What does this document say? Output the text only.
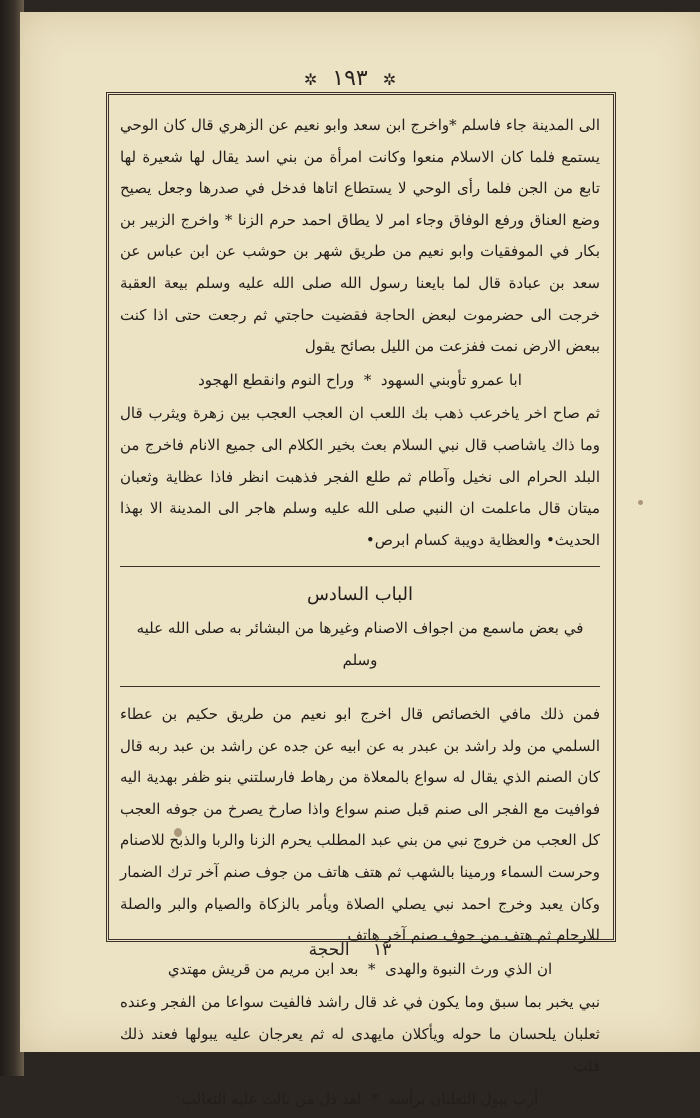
✲ ١٩٣ ✲

الى المدينة جاء فاسلم *واخرج ابن سعد وابو نعيم عن الزهري قال كان الوحي يستمع فلما كان الاسلام منعوا وكانت امرأة من بني اسد يقال لها شعيرة لها تابع من الجن فلما رأى الوحي لا يستطاع اتاها فدخل في صدرها وجعل يصيح وضع العناق ورفع الوفاق وجاء امر لا يطاق احمد حرم الزنا * واخرج الزبير بن بكار في الموفقيات وابو نعيم من طريق شهر بن حوشب عن ابن عباس عن سعد بن عبادة قال لما بايعنا رسول الله صلى الله عليه وسلم بيعة العقبة خرجت الى حضرموت لبعض الحاجة فقضيت حاجتي ثم رجعت حتى اذا كنت ببعض الارض نمت ففزعت من الليل بصائح يقول

ابا عمرو تأوبني السهود  *  وراح النوم وانقطع الهجود

ثم صاح اخر ياخرعب ذهب بك اللعب ان العجب العجب بين زهرة ويثرب قال وما ذاك ياشاصب قال نبي السلام بعث بخير الكلام الى جميع الانام فاخرج من البلد الحرام الى نخيل وآطام ثم طلع الفجر فذهبت انظر فاذا عظاية وثعبان ميتان قال ماعلمت ان النبي صلى الله عليه وسلم هاجر الى المدينة الا بهذا الحديث• والعظاية دويبة كسام ابرص•

الباب السادس

في بعض ماسمع من اجواف الاصنام وغيرها من البشائر به صلى الله عليه وسلم

فمن ذلك مافي الخصائص قال اخرج ابو نعيم من طريق حكيم بن عطاء السلمي من ولد راشد بن عبدر به عن ابيه عن جده عن راشد بن عبد ربه قال كان الصنم الذي يقال له سواع بالمعلاة من رهاط فارسلتني بنو ظفر بهدية اليه فوافيت مع الفجر الى صنم قبل صنم سواع واذا صارخ يصرخ من جوفه العجب كل العجب من خروج نبي من بني عبد المطلب يحرم الزنا والربا والذبح للاصنام وحرست السماء ورمينا بالشهب ثم هتف هاتف من جوف صنم آخر ترك الضمار وكان يعبد وخرج احمد نبي يصلي الصلاة ويأمر بالزكاة والصيام والبر والصلة للارحام ثم هتف من جوف صنم آخر هاتف

ان الذي ورث النبوة والهدى  *  بعد ابن مريم من قريش مهتدي

نبي يخبر بما سبق وما يكون في غد قال راشد فالفيت سواعا من الفجر وعنده ثعلبان يلحسان ما حوله ويأكلان مايهدى له ثم يعرجان عليه يبولها فعند ذلك قلت

أرب يبول الثعلبان برأسه  *  لقد ذل من بالت عليه الثعالب

١٣ الحجة
